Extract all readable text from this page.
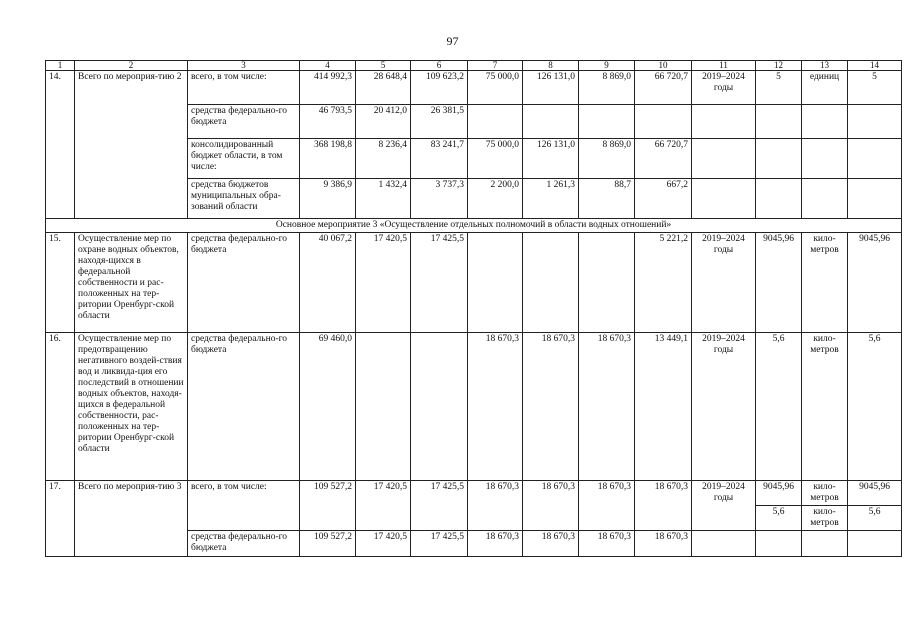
97
1	2	3	4	5	6	7	8	9	10	11	12	13	14
14.	Всего по мероприя-тию 2	всего, в том числе:	414 992,3	28 648,4	109 623,2	75 000,0	126 131,0	8 869,0	66 720,7	2019–2024 годы	5	единиц	5
		средства федерально-го бюджета	46 793,5	20 412,0	26 381,5								
		консолидированный бюджет области, в том числе:	368 198,8	8 236,4	83 241,7	75 000,0	126 131,0	8 869,0	66 720,7				
		средства бюджетов муниципальных обра-зований области	9 386,9	1 432,4	3 737,3	2 200,0	1 261,3	88,7	667,2				
Основное мероприятие 3 «Осуществление отдельных полномочий в области водных отношений»													
15.	Осуществление мер по охране водных объектов, находя-щихся в федеральной собственности и рас-положенных на тер-ритории Оренбург-ской области	средства федерально-го бюджета	40 067,2	17 420,5	17 425,5				5 221,2	2019–2024 годы	9045,96	кило-метров	9045,96
16.	Осуществление мер по предотвращению негативного воздей-ствия вод и ликвида-ция его последствий в отношении водных объектов, находя-щихся в федеральной собственности, рас-положенных на тер-ритории Оренбург-ской области	средства федерально-го бюджета	69 460,0			18 670,3	18 670,3	18 670,3	13 449,1	2019–2024 годы	5,6	кило-метров	5,6
17.	Всего по мероприя-тию 3	всего, в том числе:	109 527,2	17 420,5	17 425,5	18 670,3	18 670,3	18 670,3	18 670,3	2019–2024 годы	9045,96	кило-метров	9045,96
											5,6	кило-метров	5,6
		средства федерально-го бюджета	109 527,2	17 420,5	17 425,5	18 670,3	18 670,3	18 670,3	18 670,3				
